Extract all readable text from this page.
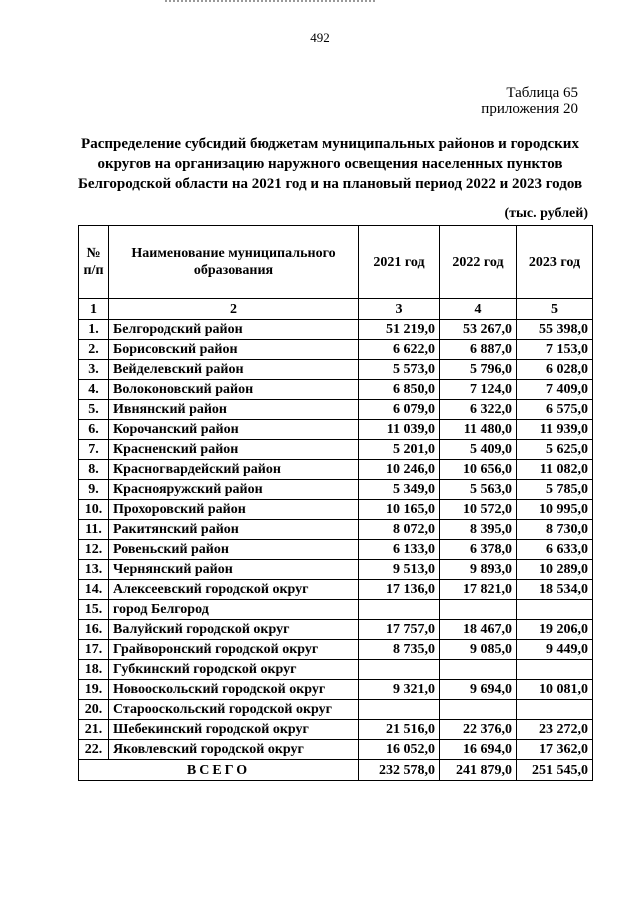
492
Таблица 65
приложения 20
Распределение субсидий бюджетам муниципальных районов и городских округов на организацию наружного освещения населенных пунктов Белгородской области на 2021 год и на плановый период 2022 и 2023 годов
(тыс. рублей)
№ п/п	Наименование муниципального образования	2021 год	2022 год	2023 год
1	2	3	4	5
1.	Белгородский район	51 219,0	53 267,0	55 398,0
2.	Борисовский район	6 622,0	6 887,0	7 153,0
3.	Вейделевский район	5 573,0	5 796,0	6 028,0
4.	Волоконовский район	6 850,0	7 124,0	7 409,0
5.	Ивнянский район	6 079,0	6 322,0	6 575,0
6.	Корочанский район	11 039,0	11 480,0	11 939,0
7.	Красненский район	5 201,0	5 409,0	5 625,0
8.	Красногвардейский район	10 246,0	10 656,0	11 082,0
9.	Краснояружский район	5 349,0	5 563,0	5 785,0
10.	Прохоровский район	10 165,0	10 572,0	10 995,0
11.	Ракитянский район	8 072,0	8 395,0	8 730,0
12.	Ровеньский район	6 133,0	6 378,0	6 633,0
13.	Чернянский район	9 513,0	9 893,0	10 289,0
14.	Алексеевский городской округ	17 136,0	17 821,0	18 534,0
15.	город Белгород			
16.	Валуйский городской округ	17 757,0	18 467,0	19 206,0
17.	Грайворонский городской округ	8 735,0	9 085,0	9 449,0
18.	Губкинский городской округ			
19.	Новооскольский городской округ	9 321,0	9 694,0	10 081,0
20.	Старооскольский городской округ			
21.	Шебекинский городской округ	21 516,0	22 376,0	23 272,0
22.	Яковлевский городской округ	16 052,0	16 694,0	17 362,0
ВСЕГО		232 578,0	241 879,0	251 545,0
